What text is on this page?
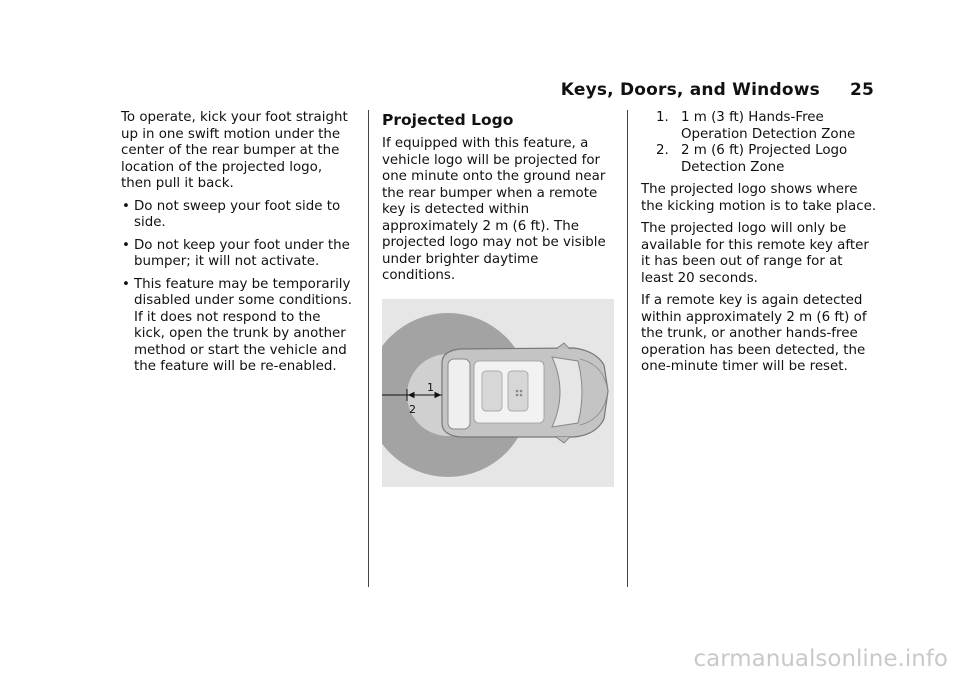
Keys, Doors, and Windows 25

To operate, kick your foot straight up in one swift motion under the center of the rear bumper at the location of the projected logo, then pull it back.

• Do not sweep your foot side to side.
• Do not keep your foot under the bumper; it will not activate.
• This feature may be temporarily disabled under some conditions. If it does not respond to the kick, open the trunk by another method or start the vehicle and the feature will be re-enabled.
Projected Logo

If equipped with this feature, a vehicle logo will be projected for one minute onto the ground near the rear bumper when a remote key is detected within approximately 2 m (6 ft). The projected logo may not be visible under brighter daytime conditions.

1
2
1. 1 m (3 ft) Hands-Free Operation Detection Zone
2. 2 m (6 ft) Projected Logo Detection Zone

The projected logo shows where the kicking motion is to take place.

The projected logo will only be available for this remote key after it has been out of range for at least 20 seconds.

If a remote key is again detected within approximately 2 m (6 ft) of the trunk, or another hands-free operation has been detected, the one-minute timer will be reset.

carmanualsonline.info
